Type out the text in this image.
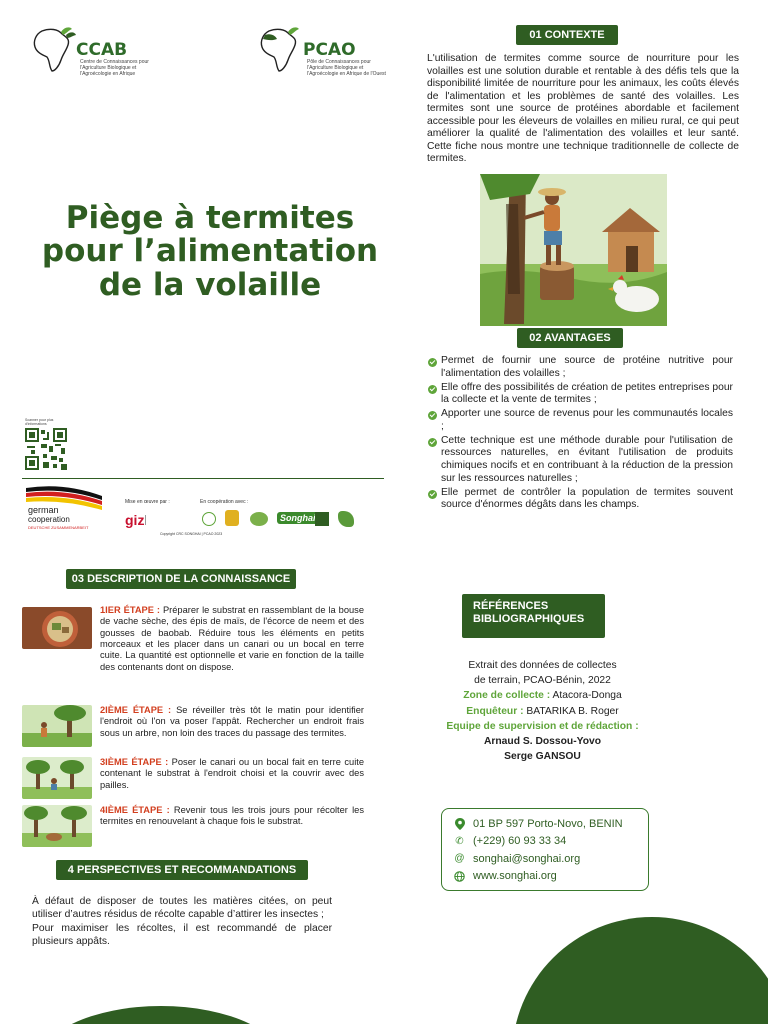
CCAB
Centre de Connaissances pour l'Agriculture Biologique et l'Agroécologie en Afrique
PCAO
Pôle de Connaissances pour l'Agriculture Biologique et l'Agroécologie en Afrique de l'Ouest
Piège à termites pour l’alimentation de la volaille
01 CONTEXTE

L'utilisation de termites comme source de nourriture pour les volailles est une solution durable et rentable à des défis tels que la disponibilité limitée de nourriture pour les animaux, les coûts élevés de l'alimentation et les problèmes de santé des volailles. Les termites sont une source de protéines abordable et facilement accessible pour les éleveurs de volailles en milieu rural, ce qui peut améliorer la qualité de l'alimentation des volailles et leur santé. Cette fiche nous montre une technique traditionnelle de collecte de termites.

02 AVANTAGES
Permet de fournir une source de protéine nutritive pour l'alimentation des volailles ;
Elle offre des possibilités de création de petites entreprises pour la collecte et la vente de termites ;
Apporter une source de revenus pour les communautés locales ;
Cette technique est une méthode durable pour l'utilisation de ressources naturelles, en évitant l'utilisation de produits chimiques nocifs et en contribuant à la réduction de la pression sur les ressources naturelles ;
Elle permet de contrôler la population de termites souvent source d'énormes dégâts dans les champs.
Scanner pour plus d'informations
german
cooperation
DEUTSCHE ZUSAMMENARBEIT
Mise en œuvre par :
giz
En coopération avec :
Songhai
Copyright CRC SONGHAI | PCAO 2023
03 DESCRIPTION DE LA CONNAISSANCE
1IER ÉTAPE : Préparer le substrat en rassemblant de la bouse de vache sèche, des épis de maïs, de l'écorce de neem et des gousses de baobab. Réduire tous les éléments en petits morceaux et les placer dans un canari ou un bocal en terre cuite. La quantité est optionnelle et varie en fonction de la taille des contenants dont on dispose.
2IÈME ÉTAPE : Se réveiller très tôt le matin pour identifier l'endroit où l'on va poser l'appât. Rechercher un endroit frais sous un arbre, non loin des traces du passage des termites.
3IÈME ÉTAPE : Poser le canari ou un bocal fait en terre cuite contenant le substrat à l'endroit choisi et la couvrir avec des pailles.
4IÈME ÉTAPE : Revenir tous les trois jours pour récolter les termites en renouvelant à chaque fois le substrat.
4 PERSPECTIVES ET RECOMMANDATIONS

À défaut de disposer de toutes les matières citées, on peut utiliser d’autres résidus de récolte capable d’attirer les insectes ;

Pour maximiser les récoltes, il est recommandé de placer plusieurs appâts.

RÉFÉRENCES
BIBLIOGRAPHIQUES
Extrait des données de collectes
de terrain, PCAO-Bénin, 2022
Zone de collecte : Atacora-Donga
Enquêteur : BATARIKA B. Roger
Equipe de supervision et de rédaction :
Arnaud S. Dossou-Yovo
Serge GANSOU
01 BP 597 Porto-Novo, BENIN
✆ (+229) 60 93 33 34
@ songhai@songhai.org
www.songhai.org
